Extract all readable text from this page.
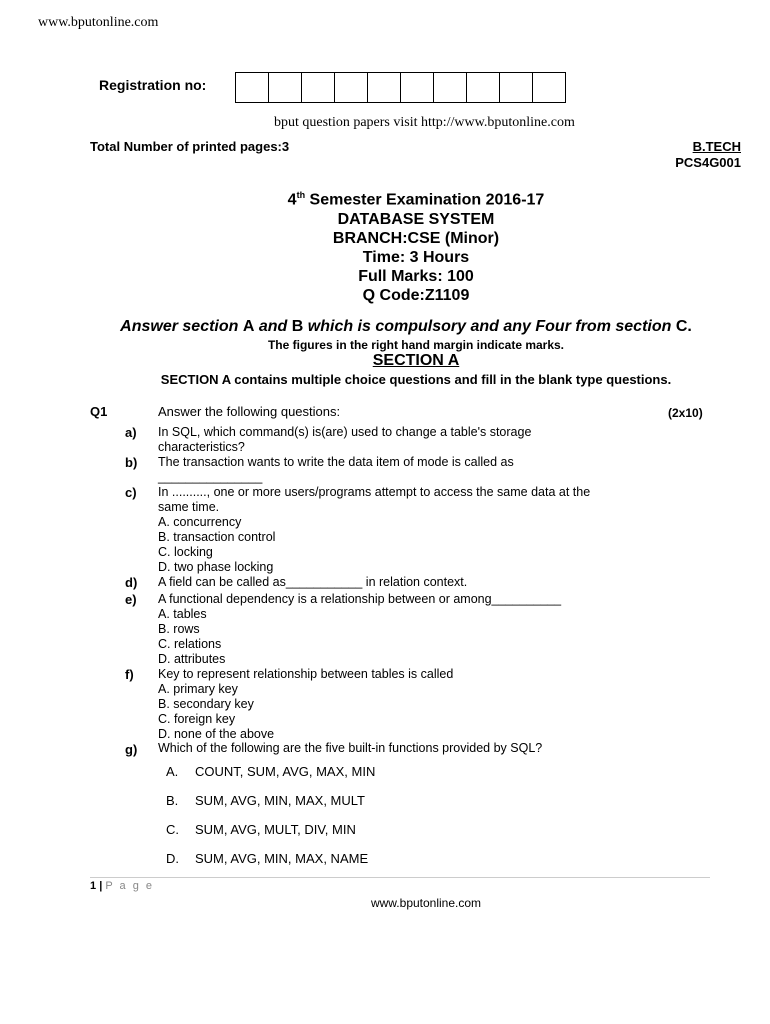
www.bputonline.com
Registration no:
bput question papers visit http://www.bputonline.com
Total Number of printed pages:3	B.TECH
PCS4G001
4th Semester Examination 2016-17
DATABASE SYSTEM
BRANCH:CSE (Minor)
Time: 3 Hours
Full Marks: 100
Q Code:Z1109
Answer section A and B which is compulsory and any Four from section C.
The figures in the right hand margin indicate marks.
SECTION A
SECTION A contains multiple choice questions and fill in the blank type questions.
Q1	Answer the following questions:	(2x10)
a) In SQL, which command(s) is(are) used to change a table's storage
characteristics?
b) The transaction wants to write the data item of mode is called as
_______________
c) In .........., one or more users/programs attempt to access the same data at the
same time.
A. concurrency
B. transaction control
C. locking
D. two phase locking
d) A field can be called as___________ in relation context.
e) A functional dependency is a relationship between or among__________
A. tables
B. rows
C. relations
D. attributes
f) Key to represent relationship between tables is called
A. primary key
B. secondary key
C. foreign key
D. none of the above
g) Which of the following are the five built-in functions provided by SQL?
A. COUNT, SUM, AVG, MAX, MIN
B. SUM, AVG, MIN, MAX, MULT
C. SUM, AVG, MULT, DIV, MIN
D. SUM, AVG, MIN, MAX, NAME
1 | P a g e
www.bputonline.com
